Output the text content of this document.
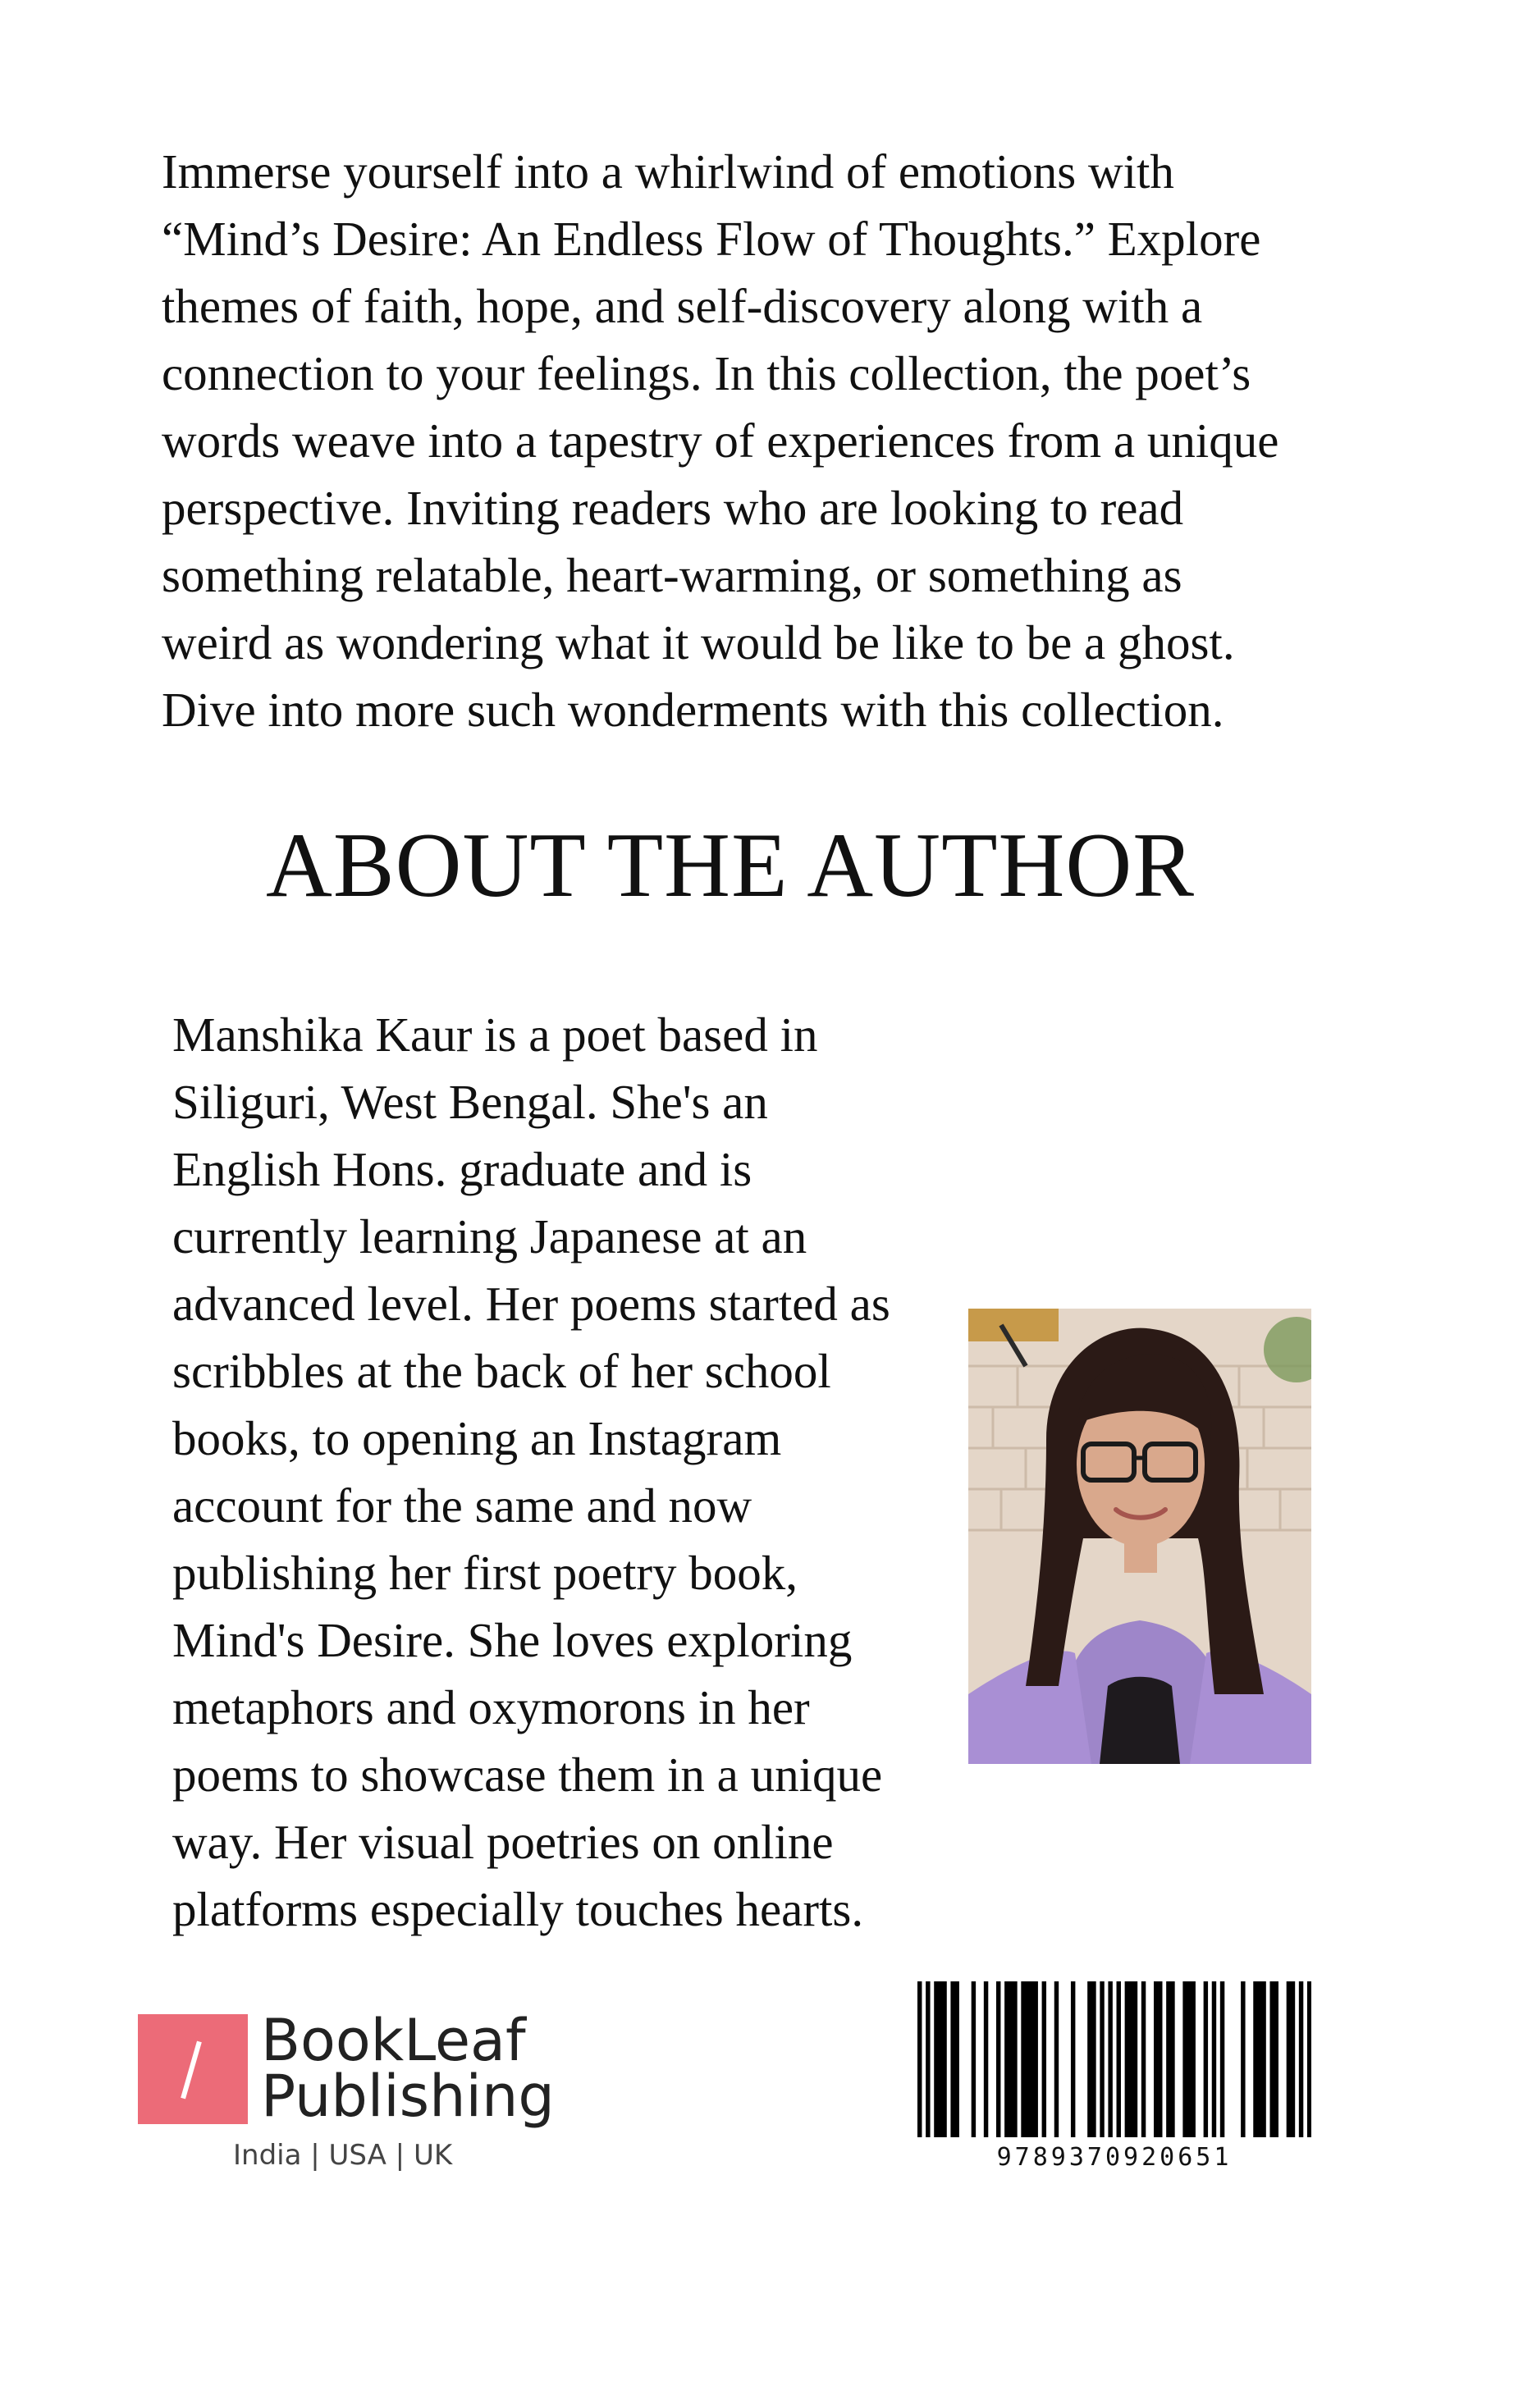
Immerse yourself into a whirlwind of emotions with
“Mind’s Desire: An Endless Flow of Thoughts.” Explore
themes of faith, hope, and self-discovery along with a
connection to your feelings. In this collection, the poet’s
words weave into a tapestry of experiences from a unique
perspective. Inviting readers who are looking to read
something relatable, heart-warming, or something as
weird as wondering what it would be like to be a ghost.
Dive into more such wonderments with this collection.
ABOUT THE AUTHOR
Manshika Kaur is a poet based in
Siliguri, West Bengal. She's an
English Hons. graduate and is
currently learning Japanese at an
advanced level. Her poems started as
scribbles at the back of her school
books, to opening an Instagram
account for the same and now
publishing her first poetry book,
Mind's Desire. She loves exploring
metaphors and oxymorons in her
poems to showcase them in a unique
way. Her visual poetries on online
platforms especially touches hearts.
BookLeaf
Publishing
India | USA | UK	9789370920651
